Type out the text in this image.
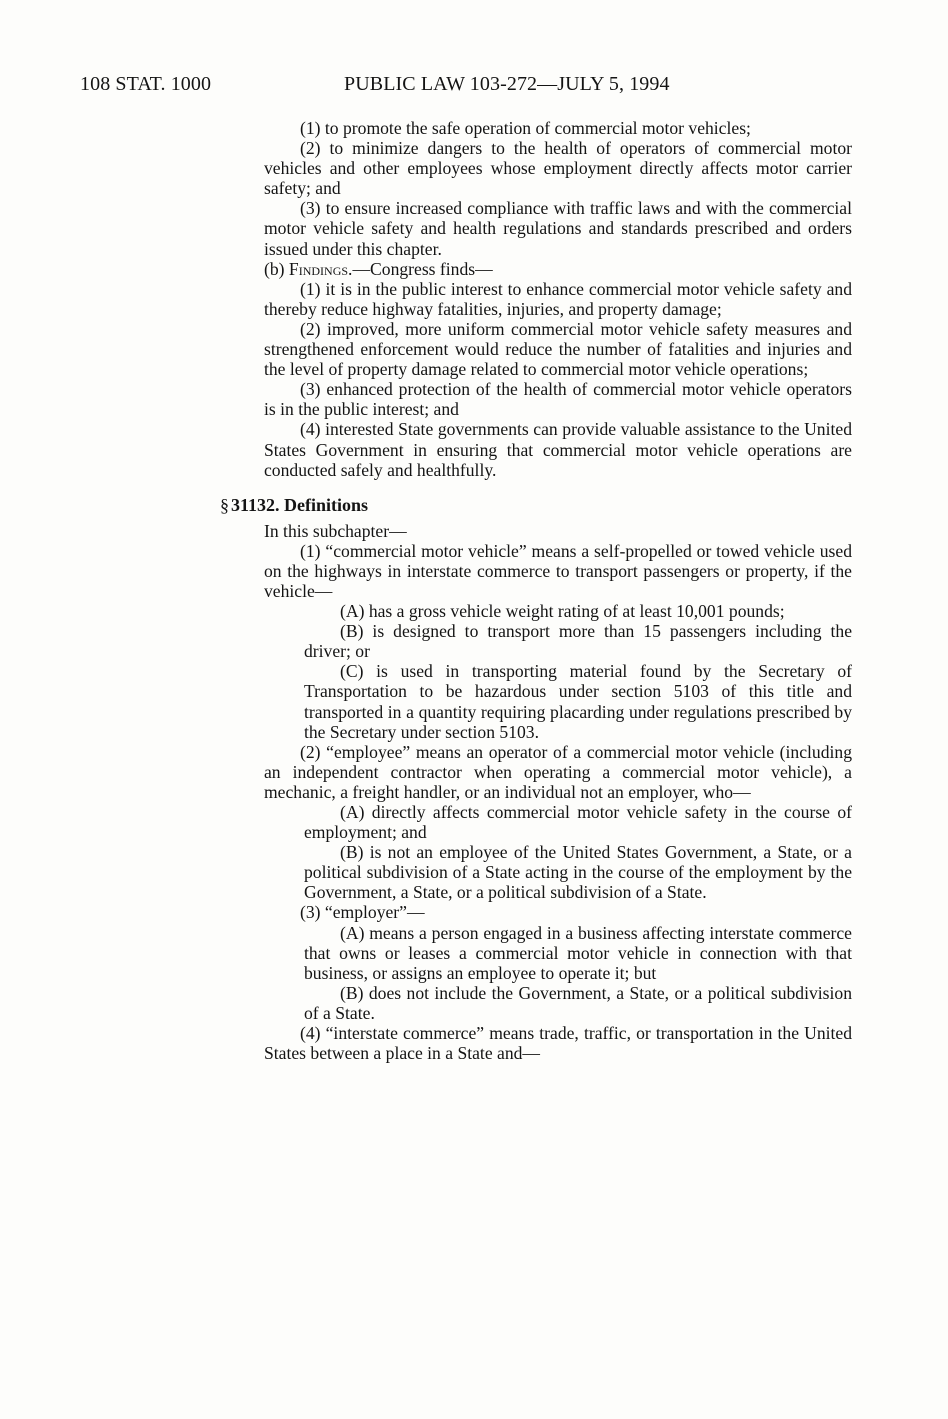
108 STAT. 1000	PUBLIC LAW 103-272—JULY 5, 1994

(1) to promote the safe operation of commercial motor vehicles;

(2) to minimize dangers to the health of operators of commercial motor vehicles and other employees whose employment directly affects motor carrier safety; and

(3) to ensure increased compliance with traffic laws and with the commercial motor vehicle safety and health regulations and standards prescribed and orders issued under this chapter.

(b) Findings.—Congress finds—

(1) it is in the public interest to enhance commercial motor vehicle safety and thereby reduce highway fatalities, injuries, and property damage;

(2) improved, more uniform commercial motor vehicle safety measures and strengthened enforcement would reduce the number of fatalities and injuries and the level of property damage related to commercial motor vehicle operations;

(3) enhanced protection of the health of commercial motor vehicle operators is in the public interest; and

(4) interested State governments can provide valuable assistance to the United States Government in ensuring that commercial motor vehicle operations are conducted safely and healthfully.

§ 31132. Definitions

In this subchapter—

(1) “commercial motor vehicle” means a self-propelled or towed vehicle used on the highways in interstate commerce to transport passengers or property, if the vehicle—

(A) has a gross vehicle weight rating of at least 10,001 pounds;

(B) is designed to transport more than 15 passengers including the driver; or

(C) is used in transporting material found by the Secretary of Transportation to be hazardous under section 5103 of this title and transported in a quantity requiring placarding under regulations prescribed by the Secretary under section 5103.

(2) “employee” means an operator of a commercial motor vehicle (including an independent contractor when operating a commercial motor vehicle), a mechanic, a freight handler, or an individual not an employer, who—

(A) directly affects commercial motor vehicle safety in the course of employment; and

(B) is not an employee of the United States Government, a State, or a political subdivision of a State acting in the course of the employment by the Government, a State, or a political subdivision of a State.

(3) “employer”—

(A) means a person engaged in a business affecting interstate commerce that owns or leases a commercial motor vehicle in connection with that business, or assigns an employee to operate it; but

(B) does not include the Government, a State, or a political subdivision of a State.

(4) “interstate commerce” means trade, traffic, or transportation in the United States between a place in a State and—
